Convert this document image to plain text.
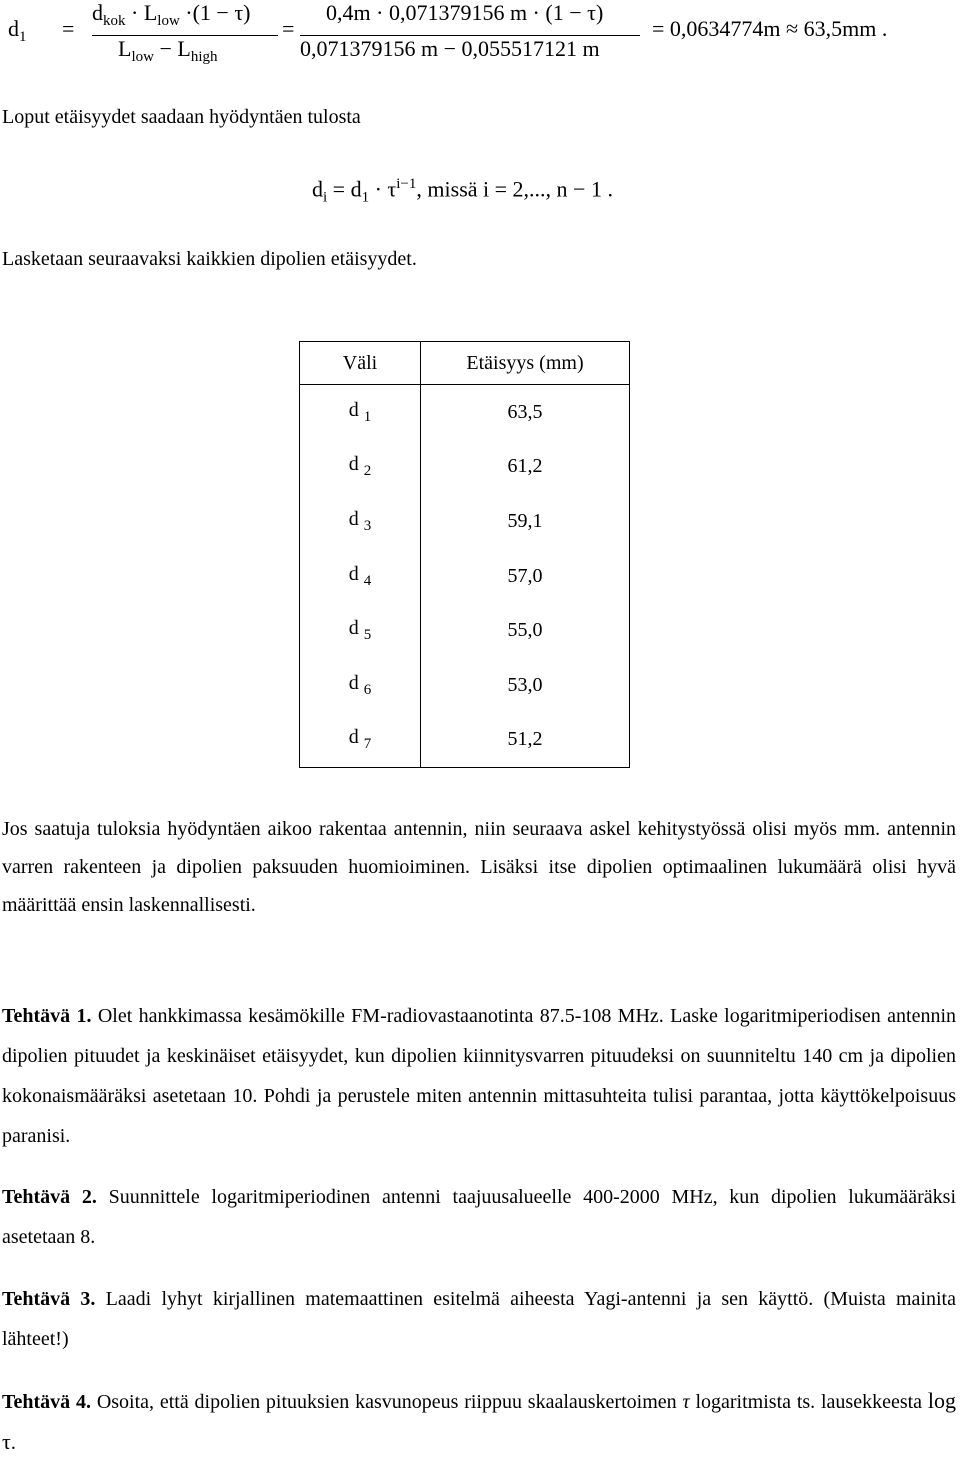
$d_1$ =
$d_{kok} \cdot L_{low} \cdot(1 - \tau)$
$L_{low} - L_{high}$
=
0,4m · 0,071379156 m · (1 − τ)
0,071379156 m − 0,055517121 m
= 0,0634774m ≈ 63,5mm .
Loput etäisyydet saadaan hyödyntäen tulosta
$d_i = d_1 \cdot \tau^{i-1}$, missä i = 2,..., n − 1 .
Lasketaan seuraavaksi kaikkien dipolien etäisyydet.
Väli	Etäisyys (mm)
d $_1$	63,5
d $_2$	61,2
d $_3$	59,1
d $_4$	57,0
d $_5$	55,0
d $_6$	53,0
d $_7$	51,2
Jos saatuja tuloksia hyödyntäen aikoo rakentaa antennin, niin seuraava askel kehitystyössä olisi myös mm. antennin varren rakenteen ja dipolien paksuuden huomioiminen. Lisäksi itse dipolien optimaalinen lukumäärä olisi hyvä määrittää ensin laskennallisesti.
Tehtävä 1. Olet hankkimassa kesämökille FM-radiovastaanotinta 87.5-108 MHz. Laske logaritmiperiodisen antennin dipolien pituudet ja keskinäiset etäisyydet, kun dipolien kiinnitysvarren pituudeksi on suunniteltu 140 cm ja dipolien kokonaismääräksi asetetaan 10. Pohdi ja perustele miten antennin mittasuhteita tulisi parantaa, jotta käyttökelpoisuus paranisi.
Tehtävä 2. Suunnittele logaritmiperiodinen antenni taajuusalueelle 400-2000 MHz, kun dipolien lukumääräksi asetetaan 8.
Tehtävä 3. Laadi lyhyt kirjallinen matemaattinen esitelmä aiheesta Yagi-antenni ja sen käyttö. (Muista mainita lähteet!)
Tehtävä 4. Osoita, että dipolien pituuksien kasvunopeus riippuu skaalauskertoimen τ logaritmista ts. lausekkeesta log τ.
